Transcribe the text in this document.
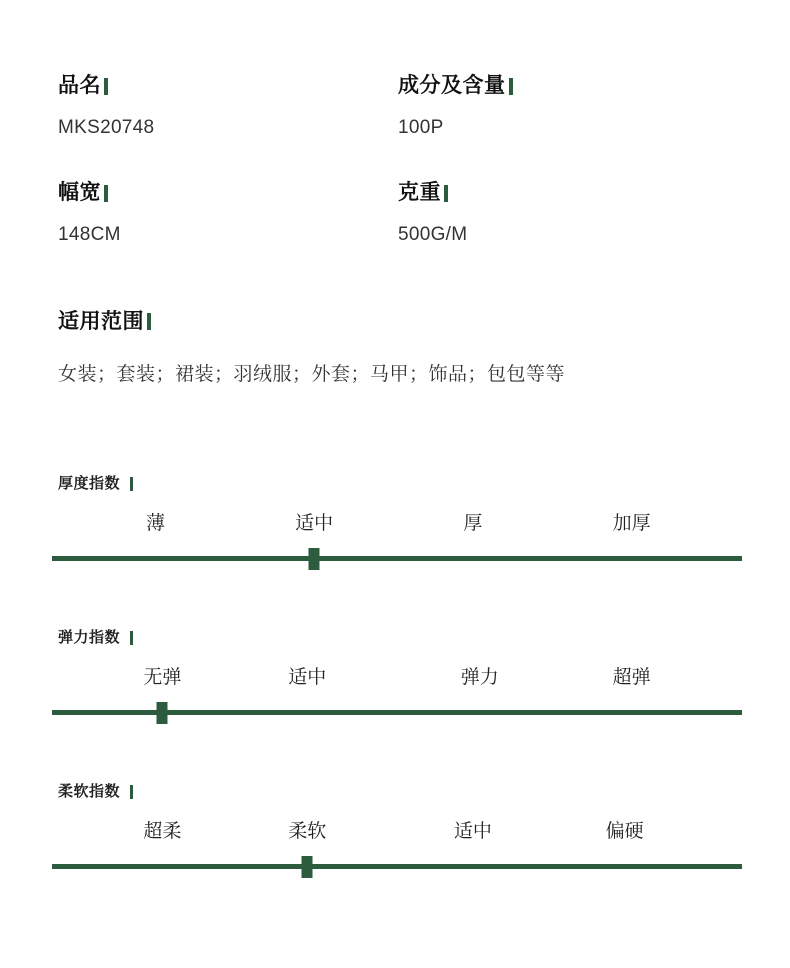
品名
MKS20748
成分及含量
100P
幅宽
148CM
克重
500G/M
适用范围
女装；套装；裙装；羽绒服；外套；马甲；饰品；包包等等
厚度指数
薄	适中	厚	加厚
弹力指数
无弹	适中	弹力	超弹
柔软指数
超柔	柔软	适中	偏硬
